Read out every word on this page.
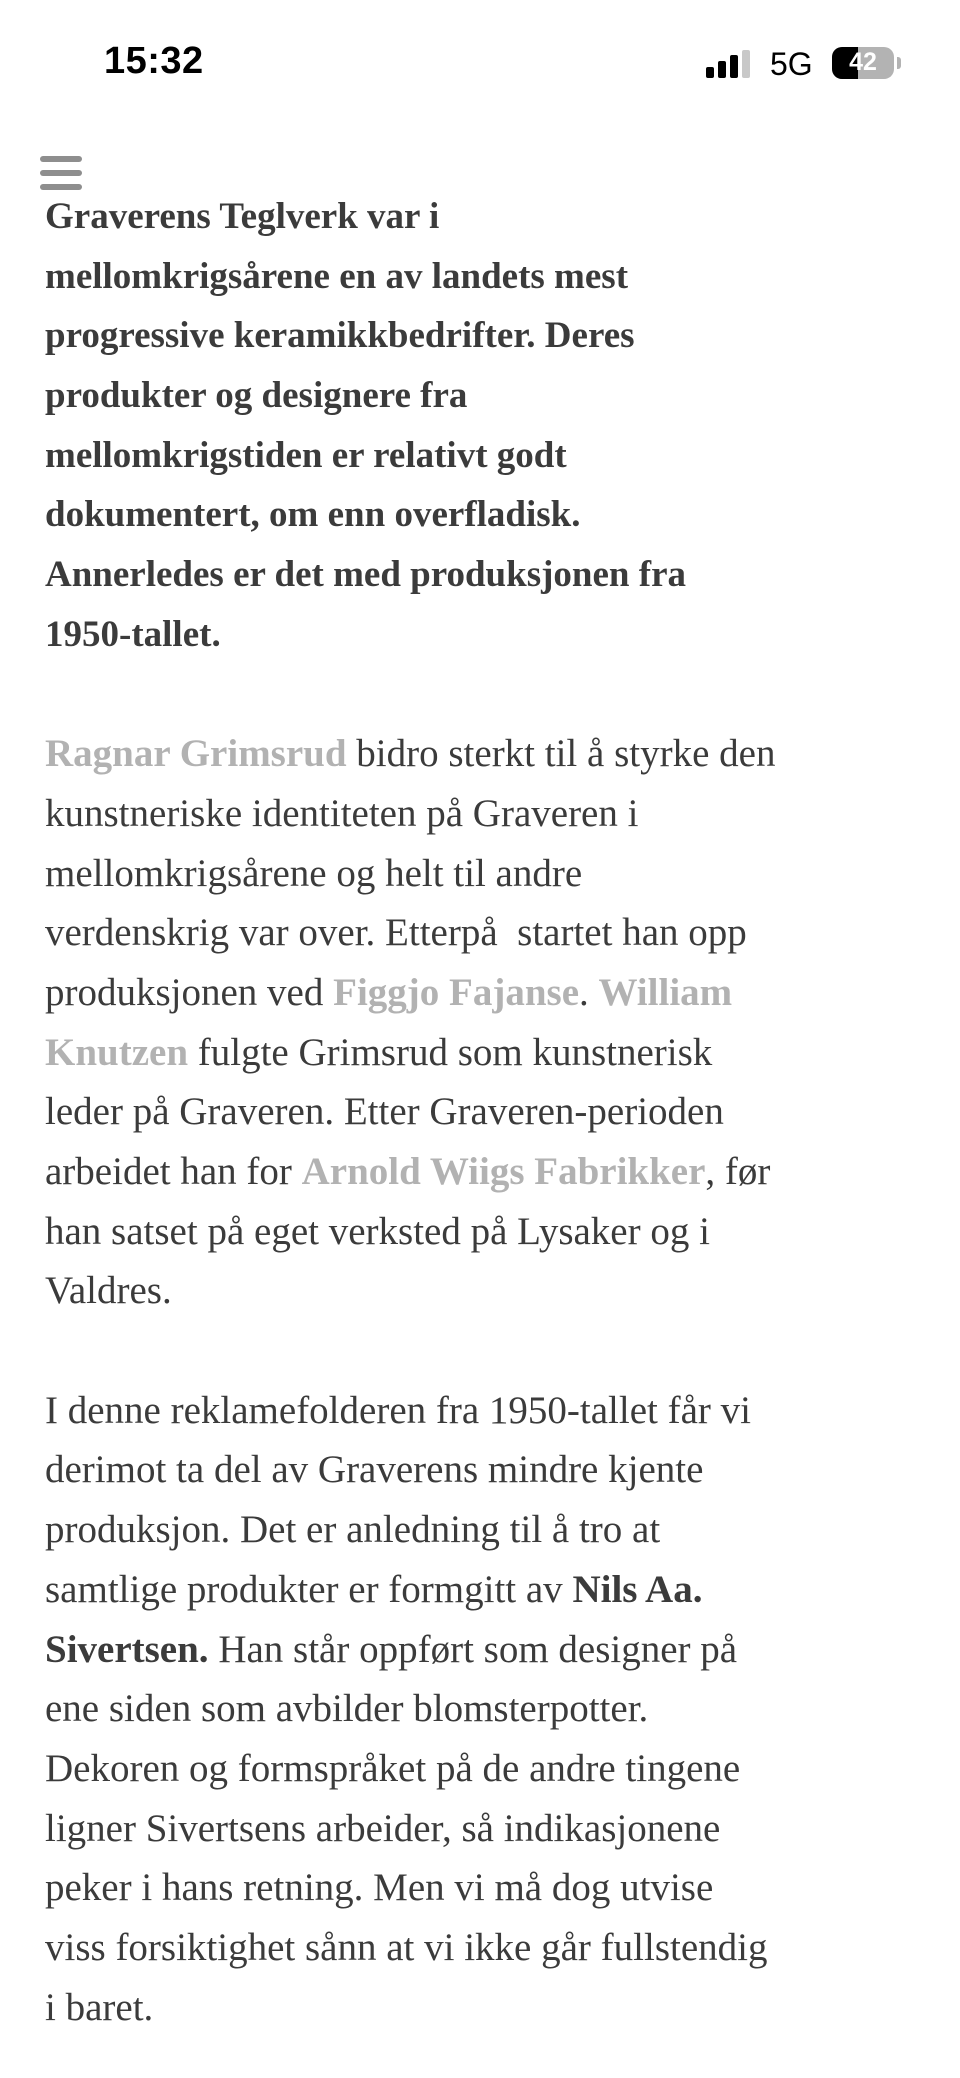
15:32	5G	42
Graverens Teglverk var i
mellomkrigsårene en av landets mest
progressive keramikkbedrifter. Deres
produkter og designere fra
mellomkrigstiden er relativt godt
dokumentert, om enn overfladisk.
Annerledes er det med produksjonen fra
1950-tallet.
Ragnar Grimsrud bidro sterkt til å styrke den
kunstneriske identiteten på Graveren i
mellomkrigsårene og helt til andre
verdenskrig var over. Etterpå  startet han opp
produksjonen ved Figgjo Fajanse. William
Knutzen fulgte Grimsrud som kunstnerisk
leder på Graveren. Etter Graveren-perioden
arbeidet han for Arnold Wiigs Fabrikker, før
han satset på eget verksted på Lysaker og i
Valdres.
I denne reklamefolderen fra 1950-tallet får vi
derimot ta del av Graverens mindre kjente
produksjon. Det er anledning til å tro at
samtlige produkter er formgitt av Nils Aa.
Sivertsen. Han står oppført som designer på
ene siden som avbilder blomsterpotter.
Dekoren og formspråket på de andre tingene
ligner Sivertsens arbeider, så indikasjonene
peker i hans retning. Men vi må dog utvise
viss forsiktighet sånn at vi ikke går fullstendig
i baret.
